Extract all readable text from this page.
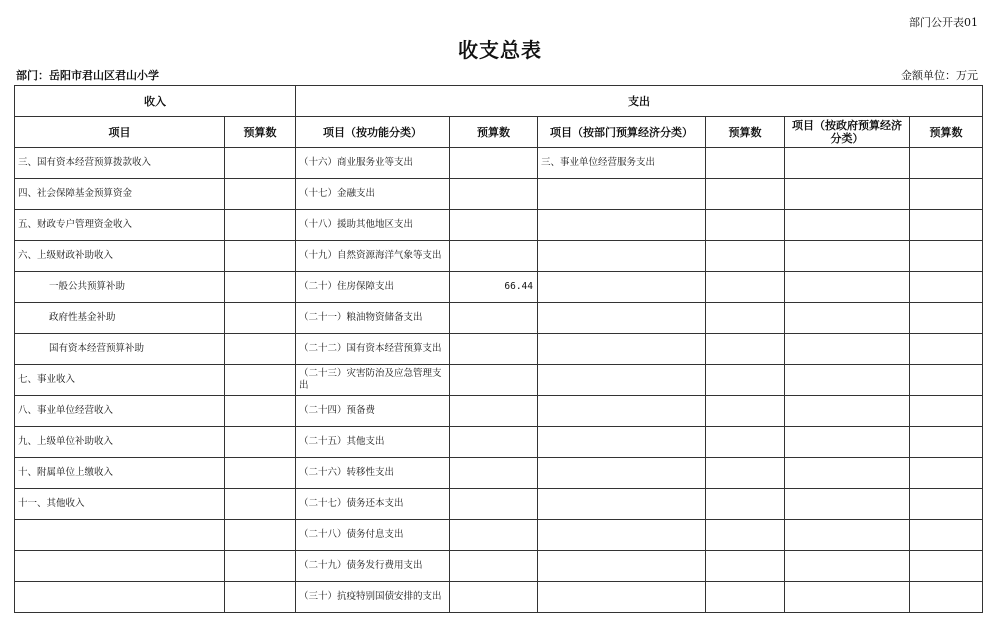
部门公开表01
收支总表
部门：岳阳市君山区君山小学	金额单位：万元
收入		支出					
项目	预算数	项目（按功能分类）	预算数	项目（按部门预算经济分类）	预算数	项目（按政府预算经济分类）	预算数
三、国有资本经营预算拨款收入		（十六）商业服务业等支出		三、事业单位经营服务支出			
四、社会保障基金预算资金		（十七）金融支出					
五、财政专户管理资金收入		（十八）援助其他地区支出					
六、上级财政补助收入		（十九）自然资源海洋气象等支出					
一般公共预算补助		（二十）住房保障支出	66.44				
政府性基金补助		（二十一）粮油物资储备支出					
国有资本经营预算补助		（二十二）国有资本经营预算支出					
七、事业收入		（二十三）灾害防治及应急管理支出					
八、事业单位经营收入		（二十四）预备费					
九、上级单位补助收入		（二十五）其他支出					
十、附属单位上缴收入		（二十六）转移性支出					
十一、其他收入		（二十七）债务还本支出					
		（二十八）债务付息支出					
		（二十九）债务发行费用支出					
		（三十）抗疫特别国债安排的支出					
